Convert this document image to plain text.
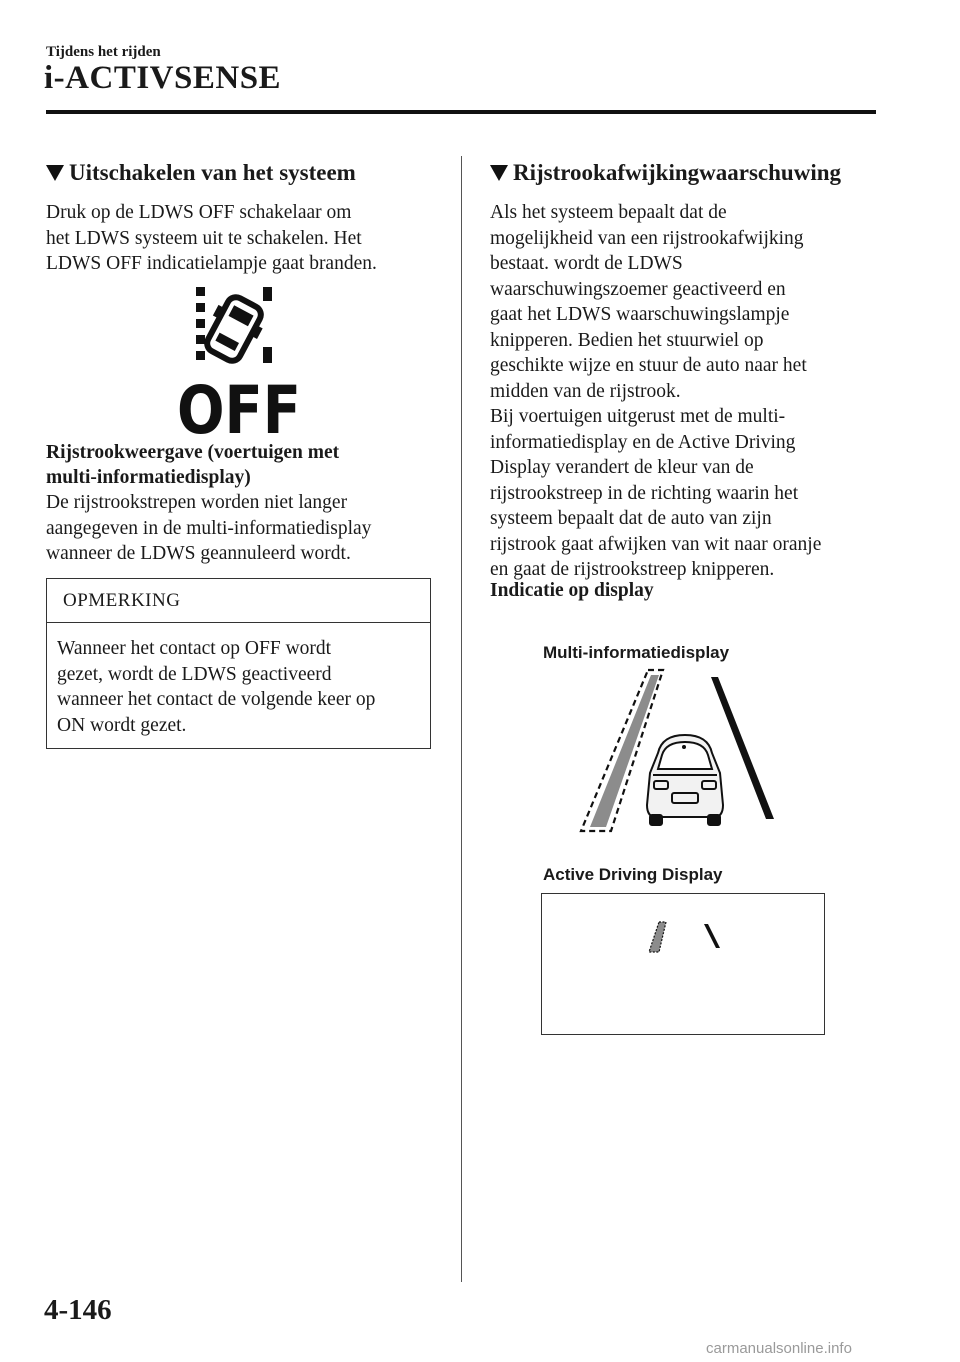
Tijdens het rijden
i-ACTIVSENSE
Uitschakelen van het systeem

Druk op de LDWS OFF schakelaar om

het LDWS systeem uit te schakelen. Het

LDWS OFF indicatielampje gaat branden.

OFF
Rijstrookweergave (voertuigen met
multi-informatiedisplay)

De rijstrookstrepen worden niet langer

aangegeven in de multi-informatiedisplay

wanneer de LDWS geannuleerd wordt.

OPMERKING

Wanneer het contact op OFF wordt

gezet, wordt de LDWS geactiveerd

wanneer het contact de volgende keer op

ON wordt gezet.

Rijstrookafwijkingwaarschuwing

Als het systeem bepaalt dat de

mogelijkheid van een rijstrookafwijking

bestaat. wordt de LDWS

waarschuwingszoemer geactiveerd en

gaat het LDWS waarschuwingslampje

knipperen. Bedien het stuurwiel op

geschikte wijze en stuur de auto naar het

midden van de rijstrook.

Bij voertuigen uitgerust met de multi-

informatiedisplay en de Active Driving

Display verandert de kleur van de

rijstrookstreep in de richting waarin het

systeem bepaalt dat de auto van zijn

rijstrook gaat afwijken van wit naar oranje

en gaat de rijstrookstreep knipperen.

Indicatie op display
Multi-informatiedisplay
Active Driving Display
4-146
carmanualsonline.info
